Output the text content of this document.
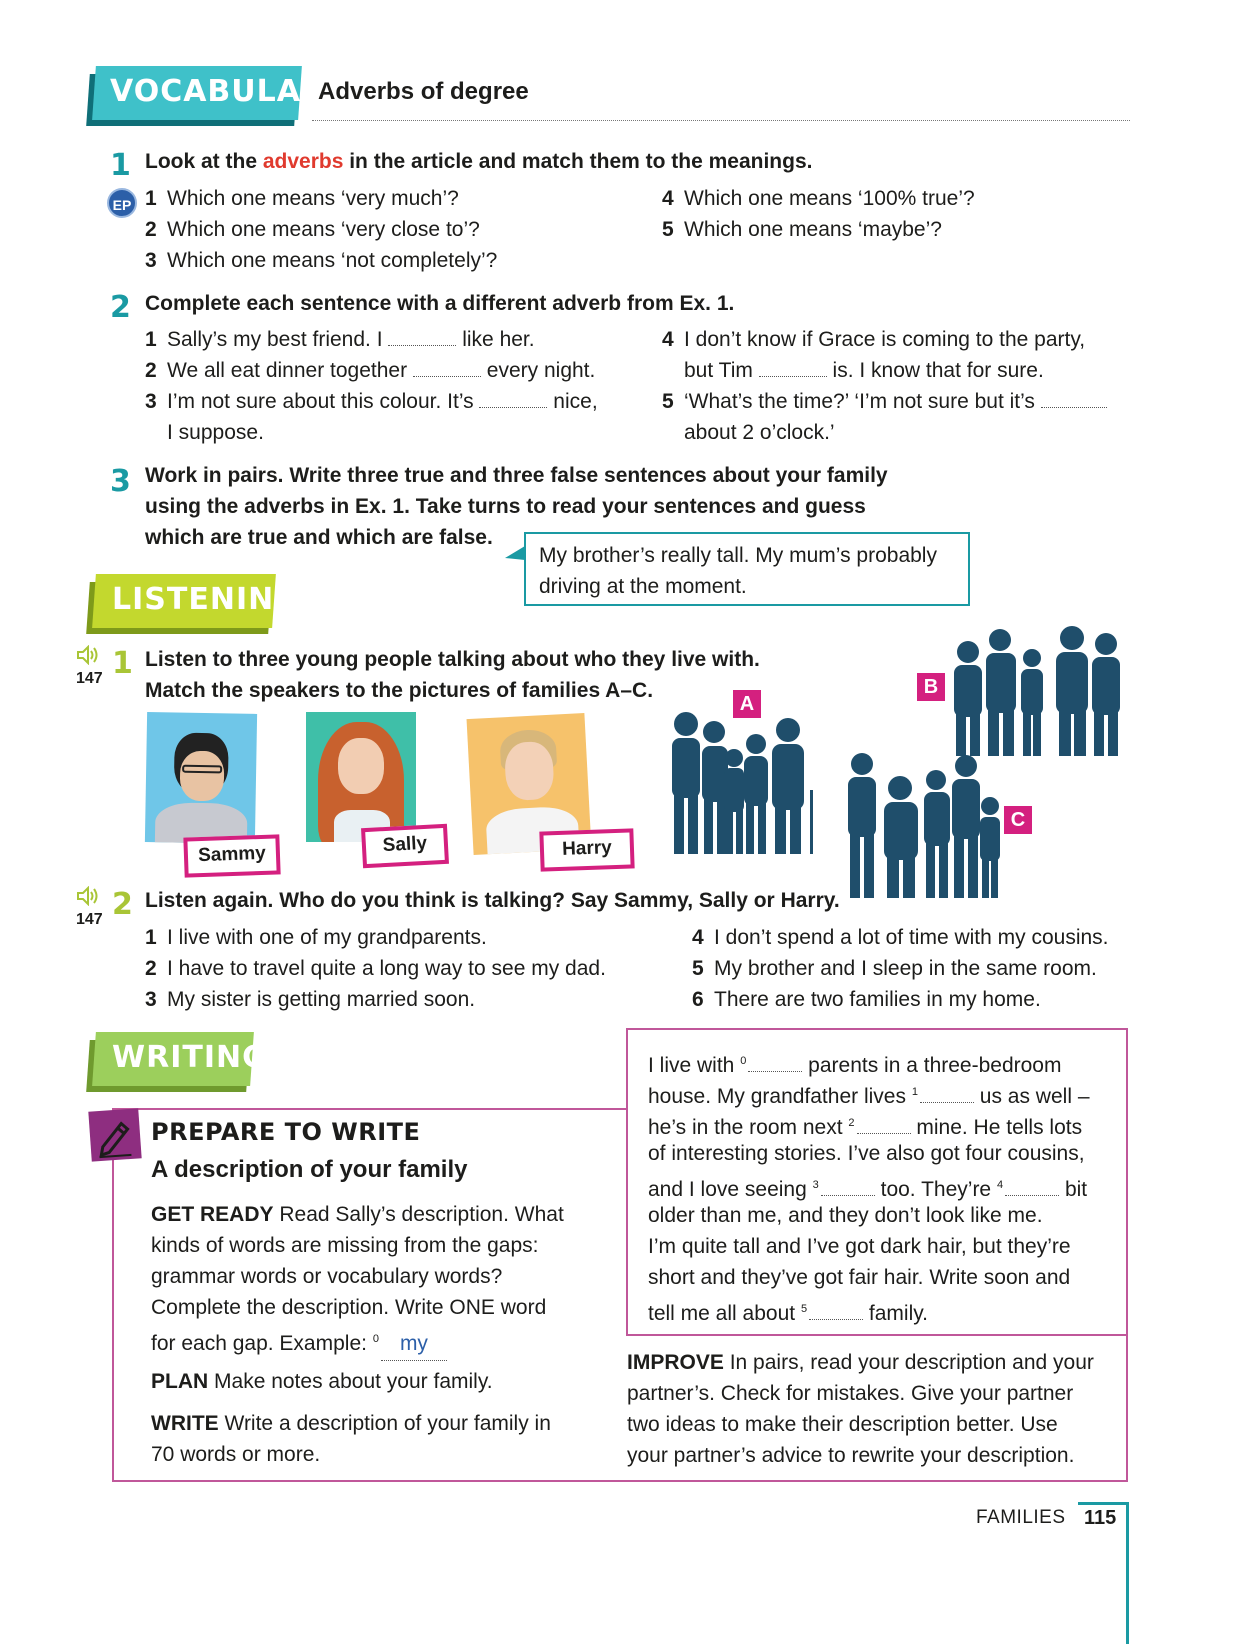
VOCABULARY
Adverbs of degree
1 Look at the adverbs in the article and match them to the meanings.
EP 1 Which one means ‘very much’?
2 Which one means ‘very close to’?
3 Which one means ‘not completely’?
4 Which one means ‘100% true’?
5 Which one means ‘maybe’?
2 Complete each sentence with a different adverb from Ex. 1.
1 Sally’s my best friend. I	like her.
2 We all eat dinner together	every night.
3 I’m not sure about this colour. It’s	nice,
I suppose.
4 I don’t know if Grace is coming to the party,
but Tim	is. I know that for sure.
5 ‘What’s the time?’ ‘I’m not sure but it’s
about 2 o’clock.’
3 Work in pairs. Write three true and three false sentences about your family
using the adverbs in Ex. 1. Take turns to read your sentences and guess
which are true and which are false.
My brother’s really tall. My mum’s probably
driving at the moment.
LISTENING
147 1 Listen to three young people talking about who they live with.
Match the speakers to the pictures of families A–C.
Sammy	Sally	Harry
A
B
C
147 2 Listen again. Who do you think is talking? Say Sammy, Sally or Harry.
1 I live with one of my grandparents.
2 I have to travel quite a long way to see my dad.
3 My sister is getting married soon.
4 I don’t spend a lot of time with my cousins.
5 My brother and I sleep in the same room.
6 There are two families in my home.
WRITING
PREPARE TO WRITE
A description of your family
GET READY Read Sally’s description. What
kinds of words are missing from the gaps:
grammar words or vocabulary words?
Complete the description. Write ONE word
for each gap. Example: $^0$ my
PLAN Make notes about your family.
WRITE Write a description of your family in
70 words or more.
I live with $^0$	parents in a three-bedroom
house. My grandfather lives $^1$	us as well –
he’s in the room next $^2$	mine. He tells lots
of interesting stories. I’ve also got four cousins,
and I love seeing $^3$	too. They’re $^4$	bit
older than me, and they don’t look like me.
I’m quite tall and I’ve got dark hair, but they’re
short and they’ve got fair hair. Write soon and
tell me all about $^5$	family.
IMPROVE In pairs, read your description and your
partner’s. Check for mistakes. Give your partner
two ideas to make their description better. Use
your partner’s advice to rewrite your description.
FAMILIES 115
